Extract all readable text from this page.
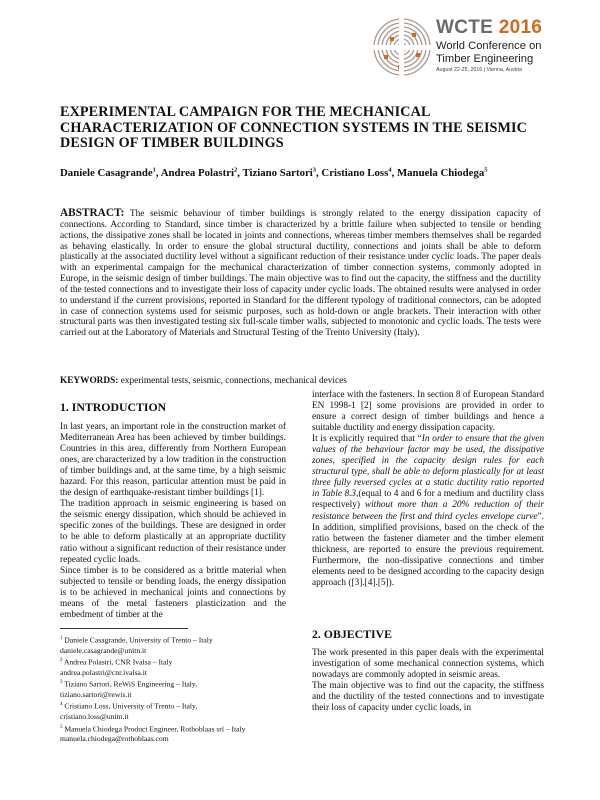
WCTE 2016
World Conference on
Timber Engineering
August 22-25, 2016 | Vienna, Austria
EXPERIMENTAL CAMPAIGN FOR THE MECHANICAL CHARACTERIZATION OF CONNECTION SYSTEMS IN THE SEISMIC DESIGN OF TIMBER BUILDINGS
Daniele Casagrande$^1$, Andrea Polastri$^2$, Tiziano Sartori$^3$, Cristiano Loss$^4$, Manuela Chiodega$^5$
ABSTRACT: The seismic behaviour of timber buildings is strongly related to the energy dissipation capacity of connections. According to Standard, since timber is characterized by a brittle failure when subjected to tensile or bending actions, the dissipative zones shall be located in joints and connections, whereas timber members themselves shall be regarded as behaving elastically. In order to ensure the global structural ductility, connections and joints shall be able to deform plastically at the associated ductility level without a significant reduction of their resistance under cyclic loads. The paper deals with an experimental campaign for the mechanical characterization of timber connection systems, commonly adopted in Europe, in the seismic design of timber buildings. The main objective was to find out the capacity, the stiffness and the ductility of the tested connections and to investigate their loss of capacity under cyclic loads. The obtained results were analysed in order to understand if the current provisions, reported in Standard for the different typology of traditional connectors, can be adopted in case of connection systems used for seismic purposes, such as hold-down or angle brackets. Their interaction with other structural parts was then investigated testing six full-scale timber walls, subjected to monotonic and cyclic loads. The tests were carried out at the Laboratory of Materials and Structural Testing of the Trento University (Italy).
KEYWORDS: experimental tests, seismic, connections, mechanical devices
1. INTRODUCTION

In last years, an important role in the construction market of Mediterranean Area has been achieved by timber buildings. Countries in this area, differently from Northern European ones, are characterized by a low tradition in the construction of timber buildings and, at the same time, by a high seismic hazard. For this reason, particular attention must be paid in the design of earthquake-resistant timber buildings [1].

The tradition approach in seismic engineering is based on the seismic energy dissipation, which should be achieved in specific zones of the buildings. These are designed in order to be able to deform plastically at an appropriate ductility ratio without a significant reduction of their resistance under repeated cyclic loads.

Since timber is to be considered as a brittle material when subjected to tensile or bending loads, the energy dissipation is to be achieved in mechanical joints and connections by means of the metal fasteners plasticization and the embedment of timber at the

interface with the fasteners. In section 8 of European Standard EN 1998-1 [2] some provisions are provided in order to ensure a correct design of timber buildings and hence a suitable ductility and energy dissipation capacity.

It is explicitly required that “In order to ensure that the given values of the behaviour factor may be used, the dissipative zones, specified in the capacity design rules for each structural type, shall be able to deform plastically for at least three fully reversed cycles at a static ductility ratio reported in Table 8.3,(equal to 4 and 6 for a medium and ductility class respectively) without more than a 20% reduction of their resistance between the first and third cycles envelope curve”. In addition, simplified provisions, based on the check of the ratio between the fastener diameter and the timber element thickness, are reported to ensure the previous requirement. Furthermore, the non-dissipative connections and timber elements need to be designed according to the capacity design approach ([3].[4].[5]).

2. OBJECTIVE

The work presented in this paper deals with the experimental investigation of some mechanical connection systems, which nowadays are commonly adopted in seismic areas.

The main objective was to find out the capacity, the stiffness and the ductility of the tested connections and to investigate their loss of capacity under cyclic loads, in

$^1$ Daniele Casagrande, University of Trento – Italy
daniele.casagrande@unitn.it
$^2$ Andrea Polastri, CNR Ivalsa – Italy
andrea.polastri@cnr.ivalsa.it
$^3$ Tiziano Sartori, ReWiS Engineering – Italy,
tiziano.sartori@rewis.it
$^4$ Cristiano Loss, University of Trento – Italy,
cristiano.loss@unitn.it
$^5$ Manuela Chiodega Product Engineer, Rothoblaas srl – Italy
manuela.chiodega@rothoblaas.com
